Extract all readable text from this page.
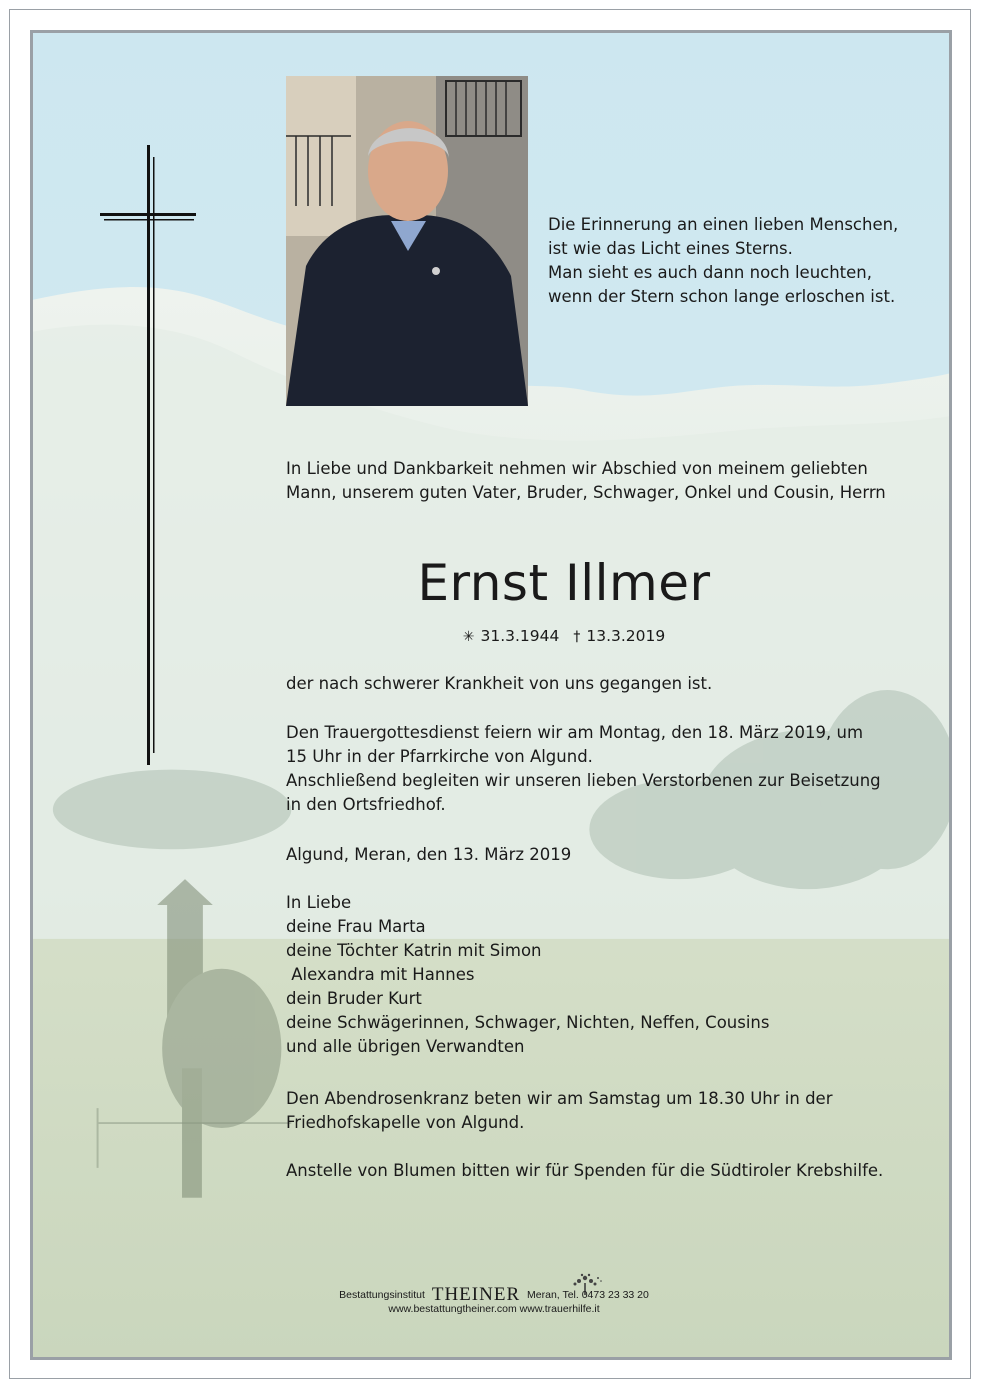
Die Erinnerung an einen lieben Menschen,
ist wie das Licht eines Sterns.
Man sieht es auch dann noch leuchten,
wenn der Stern schon lange erloschen ist.
In Liebe und Dankbarkeit nehmen wir Abschied von meinem geliebten
Mann, unserem guten Vater, Bruder, Schwager, Onkel und Cousin, Herrn
Ernst Illmer
✳ 31.3.1944 † 13.3.2019
der nach schwerer Krankheit von uns gegangen ist.
Den Trauergottesdienst feiern wir am Montag, den 18. März 2019, um
15 Uhr in der Pfarrkirche von Algund.
Anschließend begleiten wir unseren lieben Verstorbenen zur Beisetzung
in den Ortsfriedhof.
Algund, Meran, den 13. März 2019
In Liebe
deine Frau Marta
deine Töchter Katrin mit Simon
Alexandra mit Hannes
dein Bruder Kurt
deine Schwägerinnen, Schwager, Nichten, Neffen, Cousins
und alle übrigen Verwandten
Den Abendrosenkranz beten wir am Samstag um 18.30 Uhr in der
Friedhofskapelle von Algund.
Anstelle von Blumen bitten wir für Spenden für die Südtiroler Krebshilfe.
Bestattungsinstitut THEINER Meran, Tel. 0473 23 33 20
www.bestattungtheiner.com www.trauerhilfe.it
